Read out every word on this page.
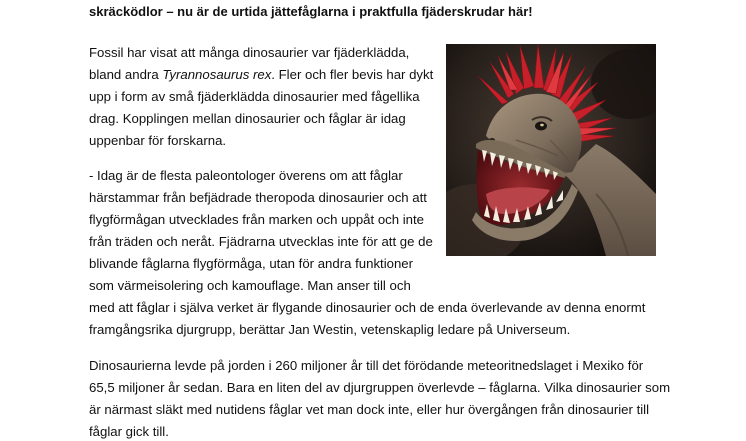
skräcködlor – nu är de urtida jättefåglarna i praktfulla fjäderskrudar här!
Fossil har visat att många dinosaurier var fjäderklädda,
bland andra Tyrannosaurus rex. Fler och fler bevis har dykt
upp i form av små fjäderklädda dinosaurier med fågellika
drag. Kopplingen mellan dinosaurier och fåglar är idag
uppenbar för forskarna.
- Idag är de flesta paleontologer överens om att fåglar
härstammar från befjädrade theropoda dinosaurier och att
flygförmågan utvecklades från marken och uppåt och inte
från träden och neråt. Fjädrarna utvecklas inte för att ge de
blivande fåglarna flygförmåga, utan för andra funktioner
som värmeisolering och kamouflage. Man anser till och
med att fåglar i själva verket är flygande dinosaurier och de enda överlevande av denna enormt
framgångsrika djurgrupp, berättar Jan Westin, vetenskaplig ledare på Universeum.
Dinosaurierna levde på jorden i 260 miljoner år till det förödande meteoritnedslaget i Mexiko för
65,5 miljoner år sedan. Bara en liten del av djurgruppen överlevde – fåglarna. Vilka dinosaurier som
är närmast släkt med nutidens fåglar vet man dock inte, eller hur övergången från dinosaurier till
fåglar gick till.
